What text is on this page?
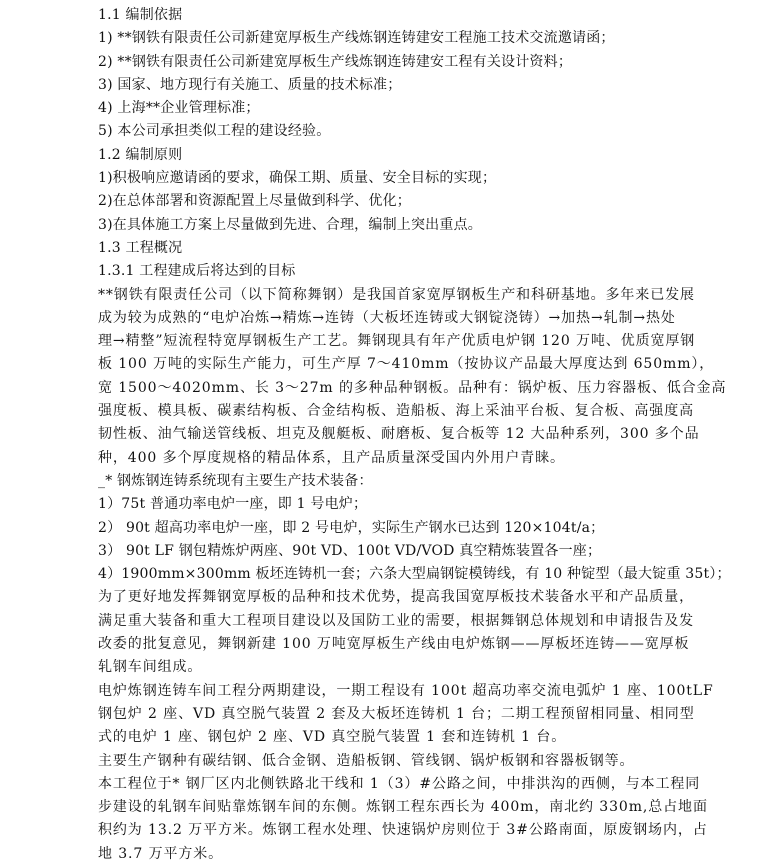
1.1 编制依据
1) **钢铁有限责任公司新建宽厚板生产线炼钢连铸建安工程施工技术交流邀请函；
2) **钢铁有限责任公司新建宽厚板生产线炼钢连铸建安工程有关设计资料；
3) 国家、地方现行有关施工、质量的技术标准；
4) 上海**企业管理标准；
5) 本公司承担类似工程的建设经验。
1.2 编制原则
1)积极响应邀请函的要求，确保工期、质量、安全目标的实现；
2)在总体部署和资源配置上尽量做到科学、优化；
3)在具体施工方案上尽量做到先进、合理，编制上突出重点。
1.3 工程概况
1.3.1 工程建成后将达到的目标
**钢铁有限责任公司（以下简称舞钢）是我国首家宽厚钢板生产和科研基地。多年来已发展
成为较为成熟的“电炉冶炼→精炼→连铸（大板坯连铸或大钢锭浇铸）→加热→轧制→热处
理→精整”短流程特宽厚钢板生产工艺。舞钢现具有年产优质电炉钢 120 万吨、优质宽厚钢
板 100 万吨的实际生产能力，可生产厚 7～410mm（按协议产品最大厚度达到 650mm），
宽 1500～4020mm、长 3～27m 的多种品种钢板。品种有：锅炉板、压力容器板、低合金高
强度板、模具板、碳素结构板、合金结构板、造船板、海上采油平台板、复合板、高强度高
韧性板、油气输送管线板、坦克及舰艇板、耐磨板、复合板等 12 大品种系列，300 多个品
种，400 多个厚度规格的精品体系，且产品质量深受国内外用户青睐。
_* 钢炼钢连铸系统现有主要生产技术装备：
1）75t 普通功率电炉一座，即 1 号电炉；
2） 90t 超高功率电炉一座，即 2 号电炉，实际生产钢水已达到 120×104t/a；
3） 90t LF 钢包精炼炉两座、90t VD、100t VD/VOD 真空精炼装置各一座；
4）1900mm×300mm 板坯连铸机一套；六条大型扁钢锭模铸线，有 10 种锭型（最大锭重 35t）；
为了更好地发挥舞钢宽厚板的品种和技术优势，提高我国宽厚板技术装备水平和产品质量，
满足重大装备和重大工程项目建设以及国防工业的需要，根据舞钢总体规划和申请报告及发
改委的批复意见，舞钢新建 100 万吨宽厚板生产线由电炉炼钢——厚板坯连铸——宽厚板
轧钢车间组成。
电炉炼钢连铸车间工程分两期建设，一期工程设有 100t 超高功率交流电弧炉 1 座、100tLF
钢包炉 2 座、VD 真空脱气装置 2 套及大板坯连铸机 1 台；二期工程预留相同量、相同型
式的电炉 1 座、钢包炉 2 座、VD 真空脱气装置 1 套和连铸机 1 台。
主要生产钢种有碳结钢、低合金钢、造船板钢、管线钢、锅炉板钢和容器板钢等。
本工程位于* 钢厂区内北侧铁路北干线和 1（3）#公路之间，中排洪沟的西侧，与本工程同
步建设的轧钢车间贴靠炼钢车间的东侧。炼钢工程东西长为 400m，南北约 330m,总占地面
积约为 13.2 万平方米。炼钢工程水处理、快速锅炉房则位于 3#公路南面，原废钢场内，占
地 3.7 万平方米。
